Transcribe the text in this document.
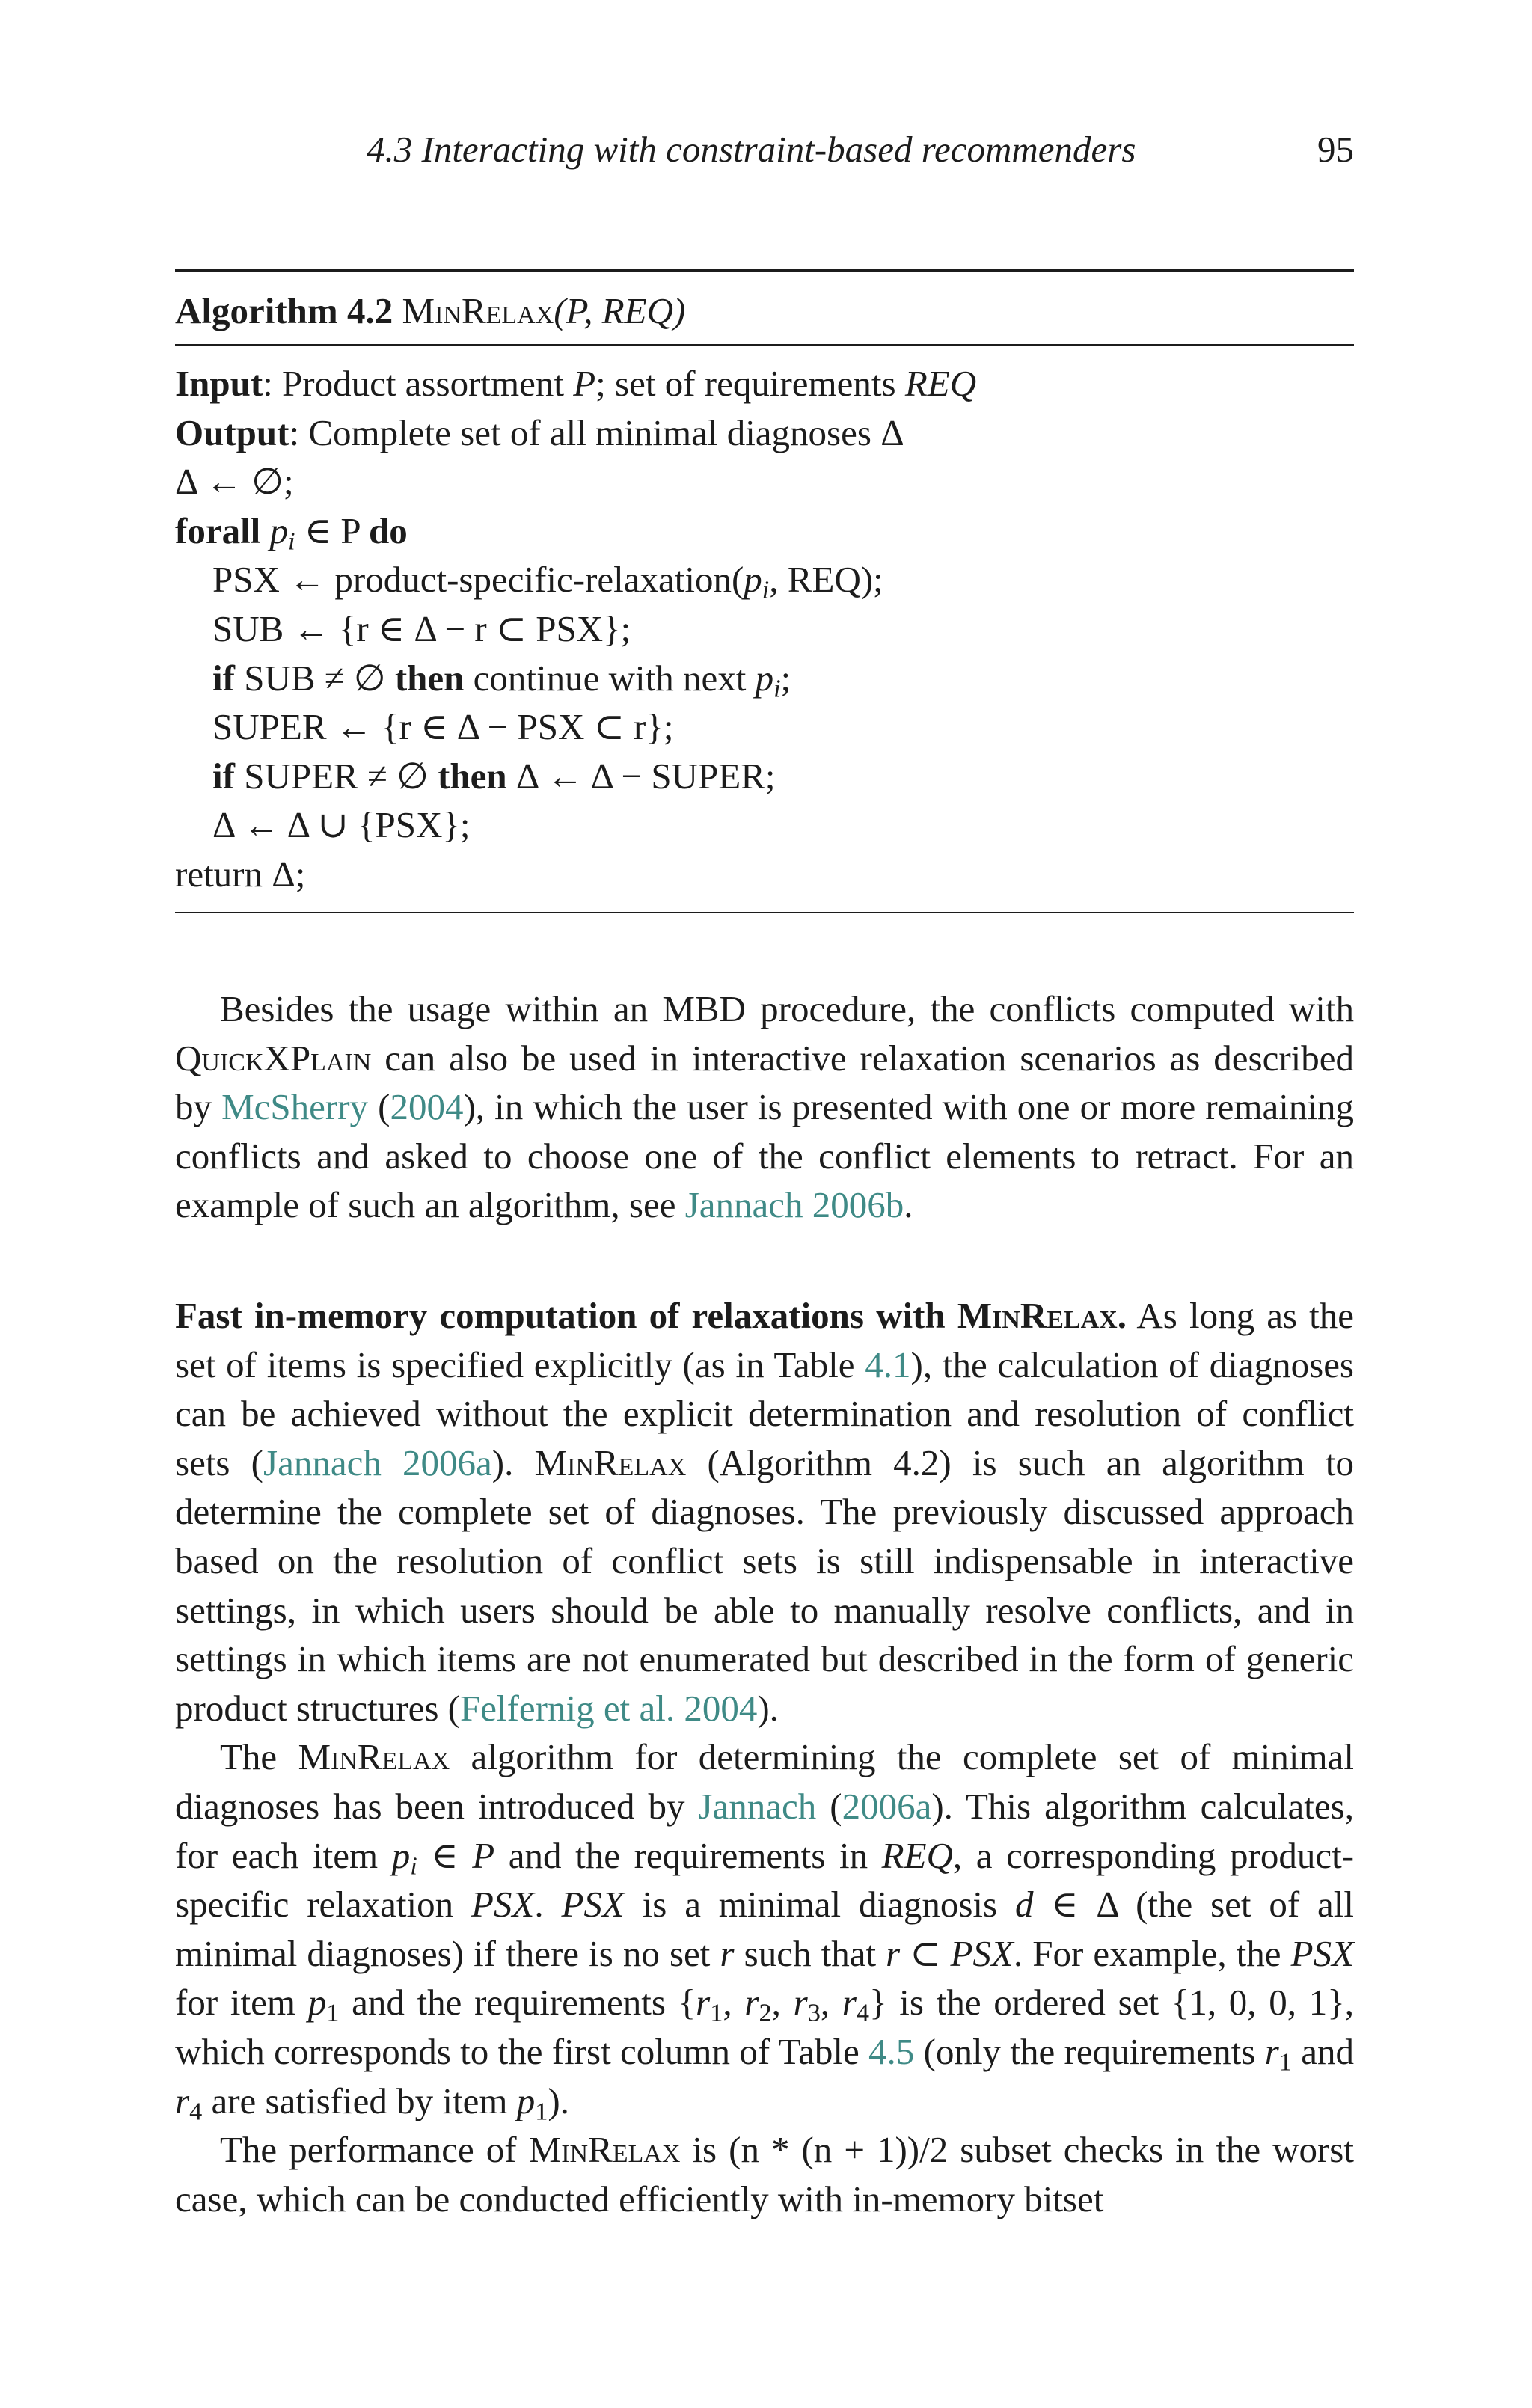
4.3 Interacting with constraint-based recommenders	95
Algorithm 4.2 MinRelax(P, REQ)
Input: Product assortment P; set of requirements REQ
Output: Complete set of all minimal diagnoses Δ
Δ ← ∅;
forall $p_i$ ∈ P do
PSX ← product-$specific-relaxation(p_i$, REQ);
SUB ← {r ∈ Δ − r ⊂ PSX};
if SUB ≠ ∅ then continue with next $p_i$;
SUPER ← {r ∈ Δ − PSX ⊂ r};
if SUPER ≠ ∅ then Δ ← Δ − SUPER;
Δ ← Δ ∪ {PSX};
return Δ;

Besides the usage within an MBD procedure, the conflicts computed with QuickXPlain can also be used in interactive relaxation scenarios as described by McSherry (2004), in which the user is presented with one or more remaining conflicts and asked to choose one of the conflict elements to retract. For an example of such an algorithm, see Jannach 2006b.

Fast in-memory computation of relaxations with MinRelax. As long as the set of items is specified explicitly (as in Table 4.1), the calculation of diagnoses can be achieved without the explicit determination and resolution of conflict sets (Jannach 2006a). MinRelax (Algorithm 4.2) is such an algorithm to determine the complete set of diagnoses. The previously discussed approach based on the resolution of conflict sets is still indispensable in interactive settings, in which users should be able to manually resolve conflicts, and in settings in which items are not enumerated but described in the form of generic product structures (Felfernig et al. 2004).

The MinRelax algorithm for determining the complete set of minimal diagnoses has been introduced by Jannach (2006a). This algorithm calculates, for each item $p_i$ ∈ P and the requirements in REQ, a corresponding product-specific relaxation PSX. PSX is a minimal diagnosis d ∈ Δ (the set of all minimal diagnoses) if there is no set r such that r ⊂ PSX. For example, the PSX for item $p_1$ and the requirements {$r_1$, $r_2$, $r_3$, $r_4$} is the ordered set {1, 0, 0, 1}, which corresponds to the first column of Table 4.5 (only the requirements $r_1$ and $r_4$ are satisfied by item $p_1$).

The performance of MinRelax is (n * (n + 1))/2 subset checks in the worst case, which can be conducted efficiently with in-memory bitset
